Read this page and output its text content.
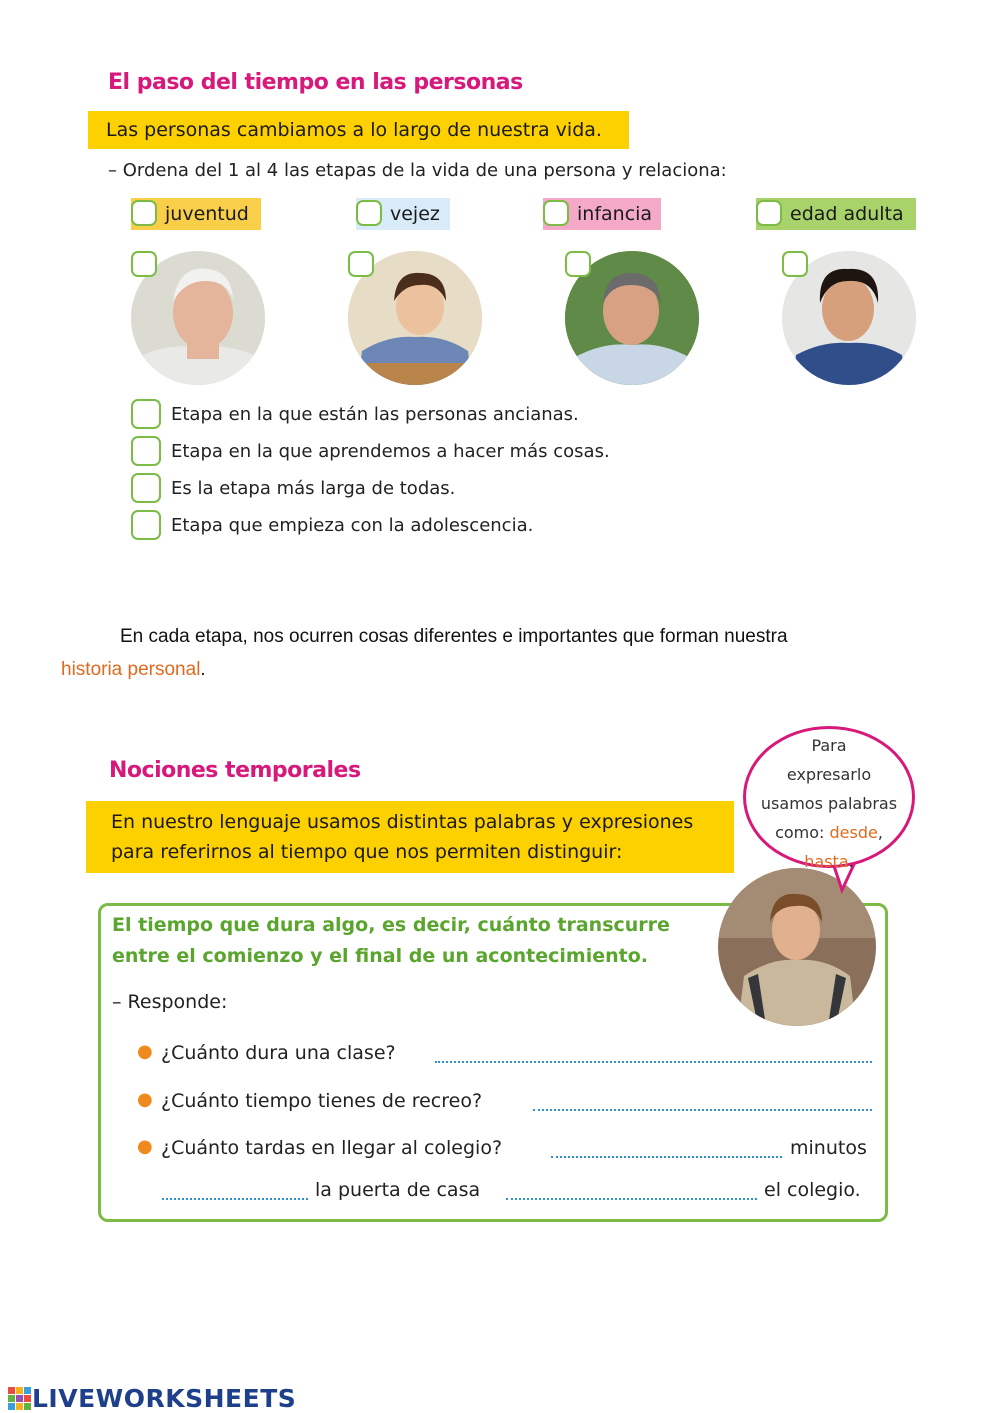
El paso del tiempo en las personas
Las personas cambiamos a lo largo de nuestra vida.
– Ordena del 1 al 4 las etapas de la vida de una persona y relaciona:
juventud	vejez	infancia	edad adulta
Etapa en la que están las personas ancianas.
Etapa en la que aprendemos a hacer más cosas.
Es la etapa más larga de todas.
Etapa que empieza con la adolescencia.
En cada etapa, nos ocurren cosas diferentes e importantes que forman nuestra
historia personal.
Nociones temporales
En nuestro lenguaje usamos distintas palabras y expresiones
para referirnos al tiempo que nos permiten distinguir:
El tiempo que dura algo, es decir, cuánto transcurre
entre el comienzo y el final de un acontecimiento.
– Responde:
● ¿Cuánto dura una clase?
● ¿Cuánto tiempo tienes de recreo?
● ¿Cuánto tardas en llegar al colegio?	minutos
la puerta de casa	el colegio.
Para
expresarlo
usamos palabras
como: desde,
hasta.
LIVEWORKSHEETS
